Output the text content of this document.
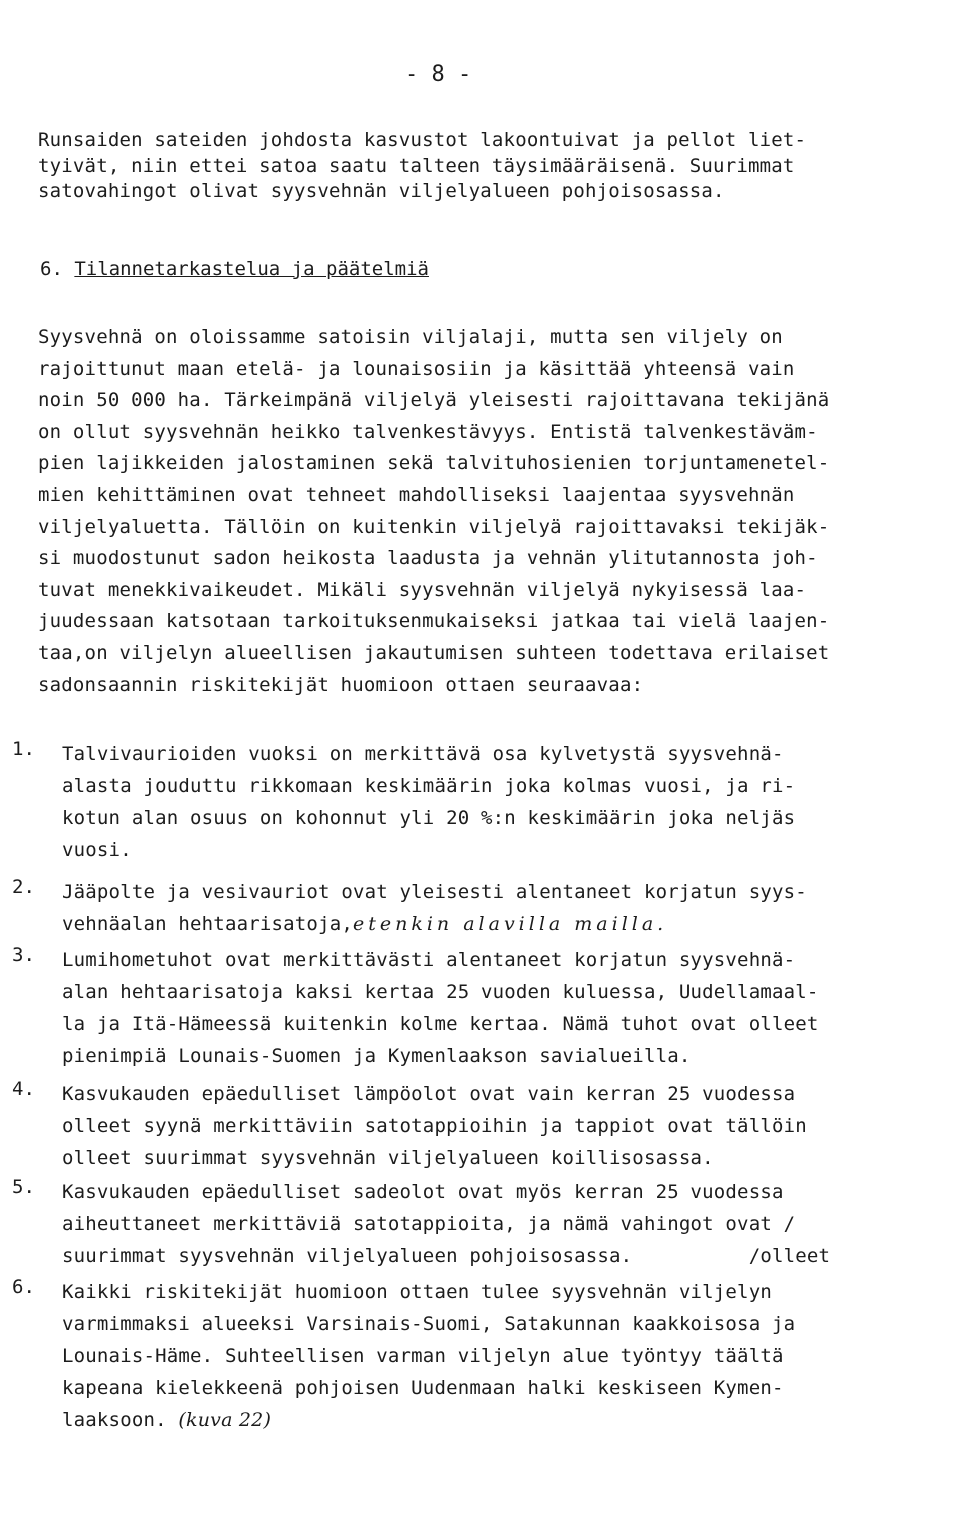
- 8 -
Runsaiden sateiden johdosta kasvustot lakoontuivat ja pellot liet-
tyivät, niin ettei satoa saatu talteen täysimääräisenä. Suurimmat
satovahingot olivat syysvehnän viljelyalueen pohjoisosassa.
6. Tilannetarkastelua ja päätelmiä
Syysvehnä on oloissamme satoisin viljalaji, mutta sen viljely on
rajoittunut maan etelä- ja lounaisosiin ja käsittää yhteensä vain
noin 50 000 ha. Tärkeimpänä viljelyä yleisesti rajoittavana tekijänä
on ollut syysvehnän heikko talvenkestävyys. Entistä talvenkestäväm-
pien lajikkeiden jalostaminen sekä talvituhosienien torjuntamenetel-
mien kehittäminen ovat tehneet mahdolliseksi laajentaa syysvehnän
viljelyaluetta. Tällöin on kuitenkin viljelyä rajoittavaksi tekijäk-
si muodostunut sadon heikosta laadusta ja vehnän ylitutannosta joh-
tuvat menekkivaikeudet. Mikäli syysvehnän viljelyä nykyisessä laa-
juudessaan katsotaan tarkoituksenmukaiseksi jatkaa tai vielä laajen-
taa,on viljelyn alueellisen jakautumisen suhteen todettava erilaiset
sadonsaannin riskitekijät huomioon ottaen seuraavaa:
1. Talvivaurioiden vuoksi on merkittävä osa kylvetystä syysvehnä-
alasta jouduttu rikkomaan keskimäärin joka kolmas vuosi, ja ri-
kotun alan osuus on kohonnut yli 20 %:n keskimäärin joka neljäs
vuosi.
2. Jääpolte ja vesivauriot ovat yleisesti alentaneet korjatun syys-
vehnäalan hehtaarisatoja,etenkin alavilla mailla.
3. Lumihometuhot ovat merkittävästi alentaneet korjatun syysvehnä-
alan hehtaarisatoja kaksi kertaa 25 vuoden kuluessa, Uudellamaal-
la ja Itä-Hämeessä kuitenkin kolme kertaa. Nämä tuhot ovat olleet
pienimpiä Lounais-Suomen ja Kymenlaakson savialueilla.
4. Kasvukauden epäedulliset lämpöolot ovat vain kerran 25 vuodessa
olleet syynä merkittäviin satotappioihin ja tappiot ovat tällöin
olleet suurimmat syysvehnän viljelyalueen koillisosassa.
5. Kasvukauden epäedulliset sadeolot ovat myös kerran 25 vuodessa
aiheuttaneet merkittäviä satotappioita, ja nämä vahingot ovat /
suurimmat syysvehnän viljelyalueen pohjoisosassa.          /olleet
6. Kaikki riskitekijät huomioon ottaen tulee syysvehnän viljelyn
varmimmaksi alueeksi Varsinais-Suomi, Satakunnan kaakkoisosa ja
Lounais-Häme. Suhteellisen varman viljelyn alue työntyy täältä
kapeana kielekkeenä pohjoisen Uudenmaan halki keskiseen Kymen-
laaksoon. (kuva 22)
